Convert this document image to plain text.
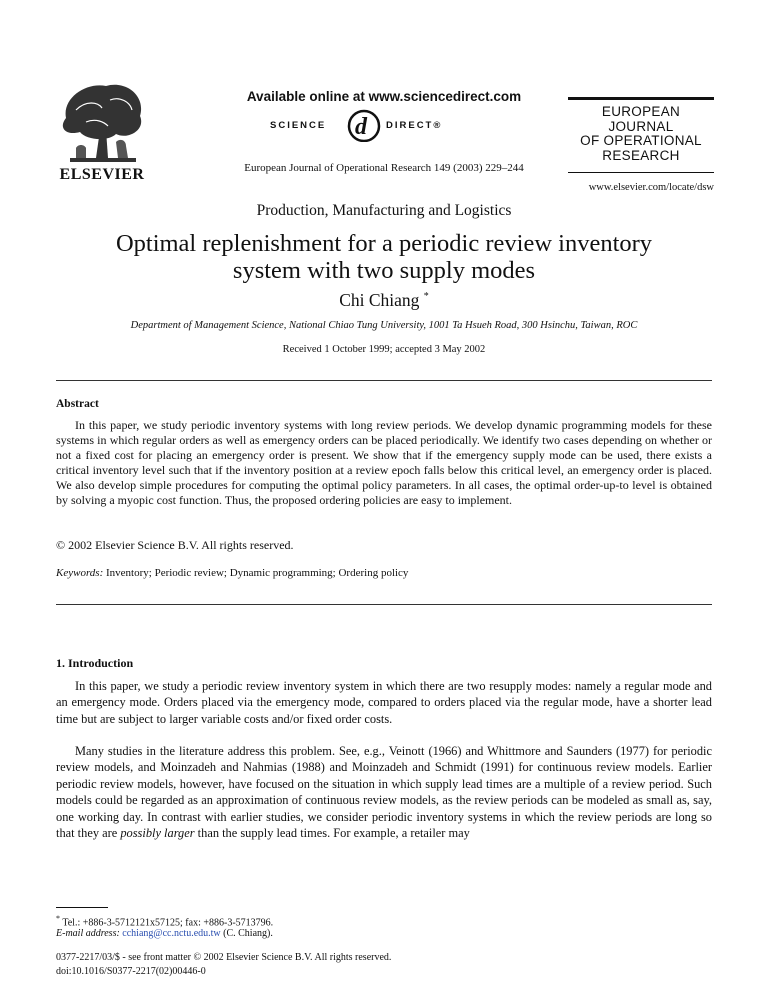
ELSEVIER
Available online at www.sciencedirect.com
SCIENCE d DIRECT®
European Journal of Operational Research 149 (2003) 229–244
EUROPEAN
JOURNAL
OF OPERATIONAL
RESEARCH
www.elsevier.com/locate/dsw
Production, Manufacturing and Logistics
Optimal replenishment for a periodic review inventory
system with two supply modes
Chi Chiang *
Department of Management Science, National Chiao Tung University, 1001 Ta Hsueh Road, 300 Hsinchu, Taiwan, ROC
Received 1 October 1999; accepted 3 May 2002
Abstract
In this paper, we study periodic inventory systems with long review periods. We develop dynamic programming models for these systems in which regular orders as well as emergency orders can be placed periodically. We identify two cases depending on whether or not a fixed cost for placing an emergency order is present. We show that if the emergency supply mode can be used, there exists a critical inventory level such that if the inventory position at a review epoch falls below this critical level, an emergency order is placed. We also develop simple procedures for computing the optimal policy parameters. In all cases, the optimal order-up-to level is obtained by solving a myopic cost function. Thus, the proposed ordering policies are easy to implement.
© 2002 Elsevier Science B.V. All rights reserved.
Keywords: Inventory; Periodic review; Dynamic programming; Ordering policy
1. Introduction
In this paper, we study a periodic review inventory system in which there are two resupply modes: namely a regular mode and an emergency mode. Orders placed via the emergency mode, compared to orders placed via the regular mode, have a shorter lead time but are subject to larger variable costs and/or fixed order costs.
Many studies in the literature address this problem. See, e.g., Veinott (1966) and Whittmore and Saunders (1977) for periodic review models, and Moinzadeh and Nahmias (1988) and Moinzadeh and Schmidt (1991) for continuous review models. Earlier periodic review models, however, have focused on the situation in which supply lead times are a multiple of a review period. Such models could be regarded as an approximation of continuous review models, as the review periods can be modeled as small as, say, one working day. In contrast with earlier studies, we consider periodic inventory systems in which the review periods are long so that they are possibly larger than the supply lead times. For example, a retailer may
* Tel.: +886-3-5712121x57125; fax: +886-3-5713796.
E-mail address: cchiang@cc.nctu.edu.tw (C. Chiang).
0377-2217/03/$ - see front matter © 2002 Elsevier Science B.V. All rights reserved.
doi:10.1016/S0377-2217(02)00446-0
